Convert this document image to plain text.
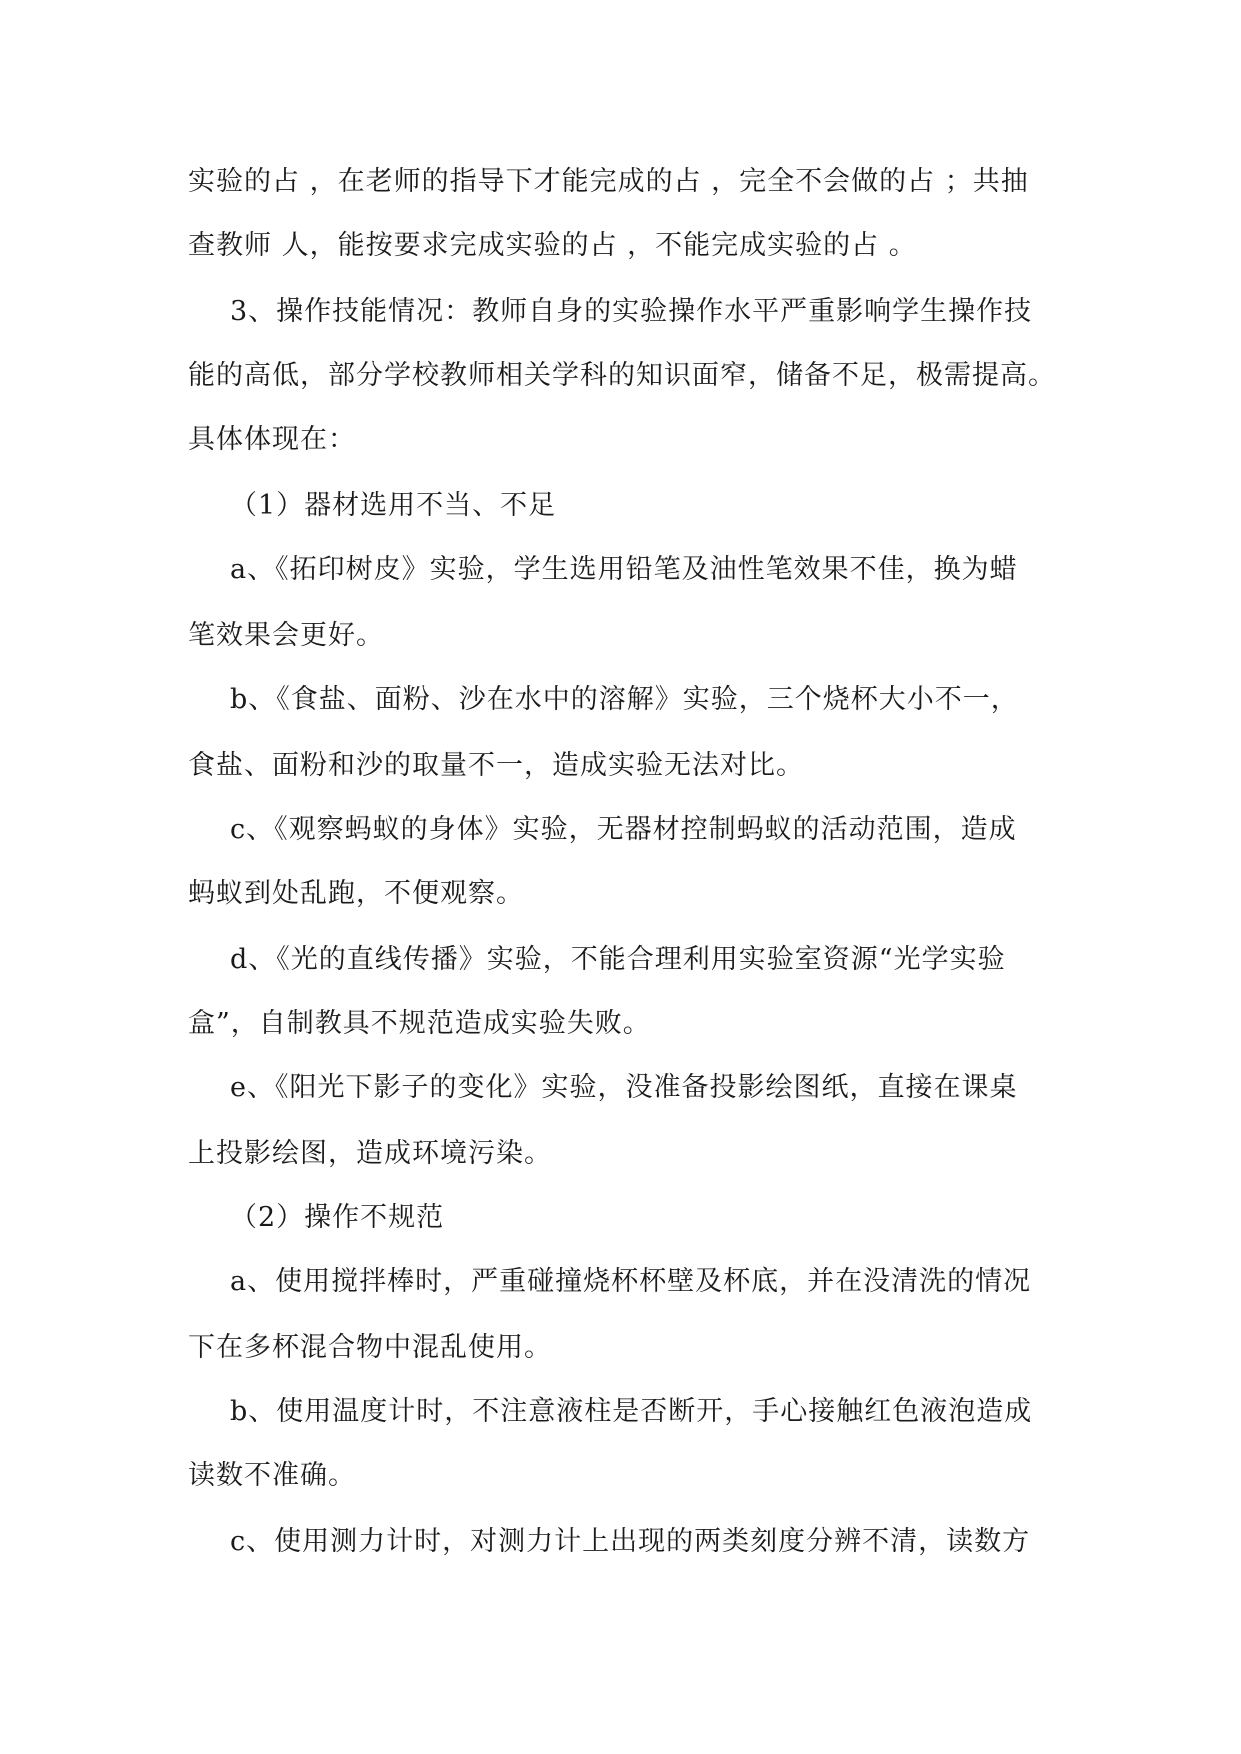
实验的占 ，在老师的指导下才能完成的占 ，完全不会做的占 ；共抽
查教师 人，能按要求完成实验的占 ，不能完成实验的占 。
3、操作技能情况：教师自身的实验操作水平严重影响学生操作技
能的高低，部分学校教师相关学科的知识面窄，储备不足，极需提高。
具体体现在：
（1）器材选用不当、不足
a、《拓印树皮》实验，学生选用铅笔及油性笔效果不佳，换为蜡
笔效果会更好。
b、《食盐、面粉、沙在水中的溶解》实验，三个烧杯大小不一，
食盐、面粉和沙的取量不一，造成实验无法对比。
c、《观察蚂蚁的身体》实验，无器材控制蚂蚁的活动范围，造成
蚂蚁到处乱跑，不便观察。
d、《光的直线传播》实验，不能合理利用实验室资源“光学实验
盒”，自制教具不规范造成实验失败。
e、《阳光下影子的变化》实验，没准备投影绘图纸，直接在课桌
上投影绘图，造成环境污染。
（2）操作不规范
a、使用搅拌棒时，严重碰撞烧杯杯壁及杯底，并在没清洗的情况
下在多杯混合物中混乱使用。
b、使用温度计时，不注意液柱是否断开，手心接触红色液泡造成
读数不准确。
c、使用测力计时，对测力计上出现的两类刻度分辨不清，读数方
